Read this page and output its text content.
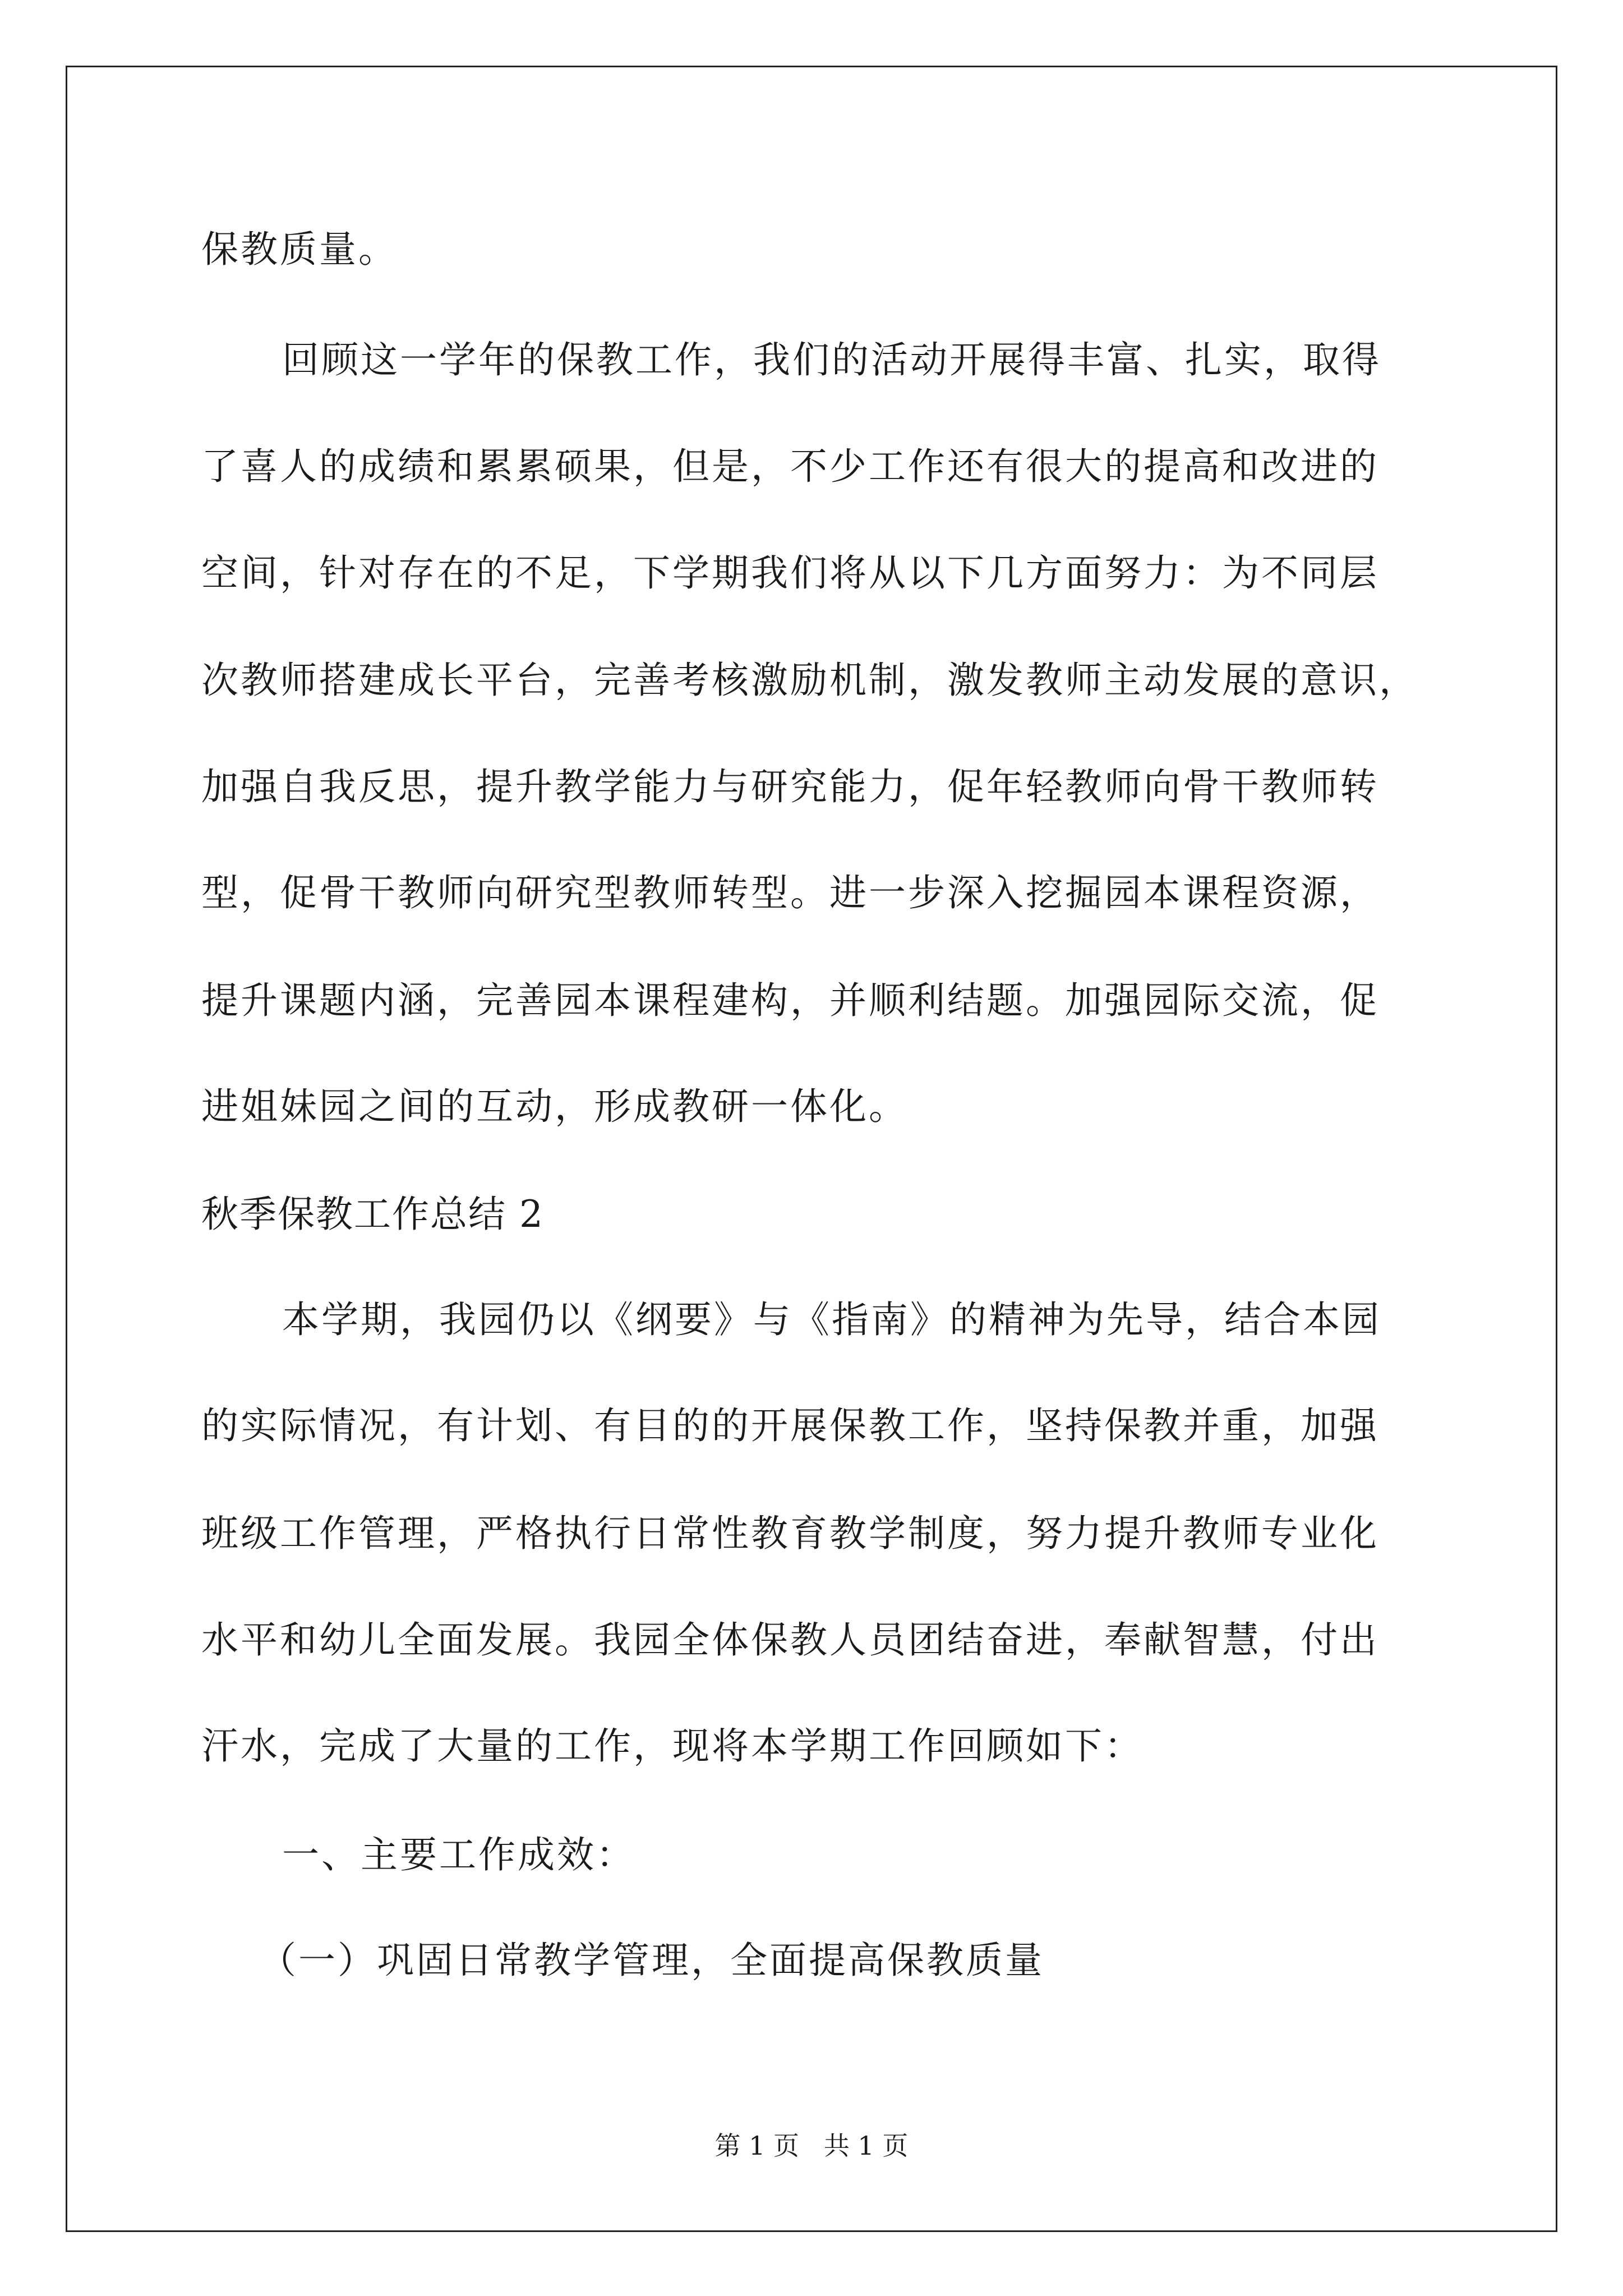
保教质量。
回顾这一学年的保教工作，我们的活动开展得丰富、扎实，取得
了喜人的成绩和累累硕果，但是，不少工作还有很大的提高和改进的
空间，针对存在的不足，下学期我们将从以下几方面努力：为不同层
次教师搭建成长平台，完善考核激励机制，激发教师主动发展的意识，
加强自我反思，提升教学能力与研究能力，促年轻教师向骨干教师转
型，促骨干教师向研究型教师转型。进一步深入挖掘园本课程资源，
提升课题内涵，完善园本课程建构，并顺利结题。加强园际交流，促
进姐妹园之间的互动，形成教研一体化。
秋季保教工作总结 2
本学期，我园仍以《纲要》与《指南》的精神为先导，结合本园
的实际情况，有计划、有目的的开展保教工作，坚持保教并重，加强
班级工作管理，严格执行日常性教育教学制度，努力提升教师专业化
水平和幼儿全面发展。我园全体保教人员团结奋进，奉献智慧，付出
汗水，完成了大量的工作，现将本学期工作回顾如下：
一、主要工作成效：
（一）巩固日常教学管理，全面提高保教质量
第 1 页   共 1 页
